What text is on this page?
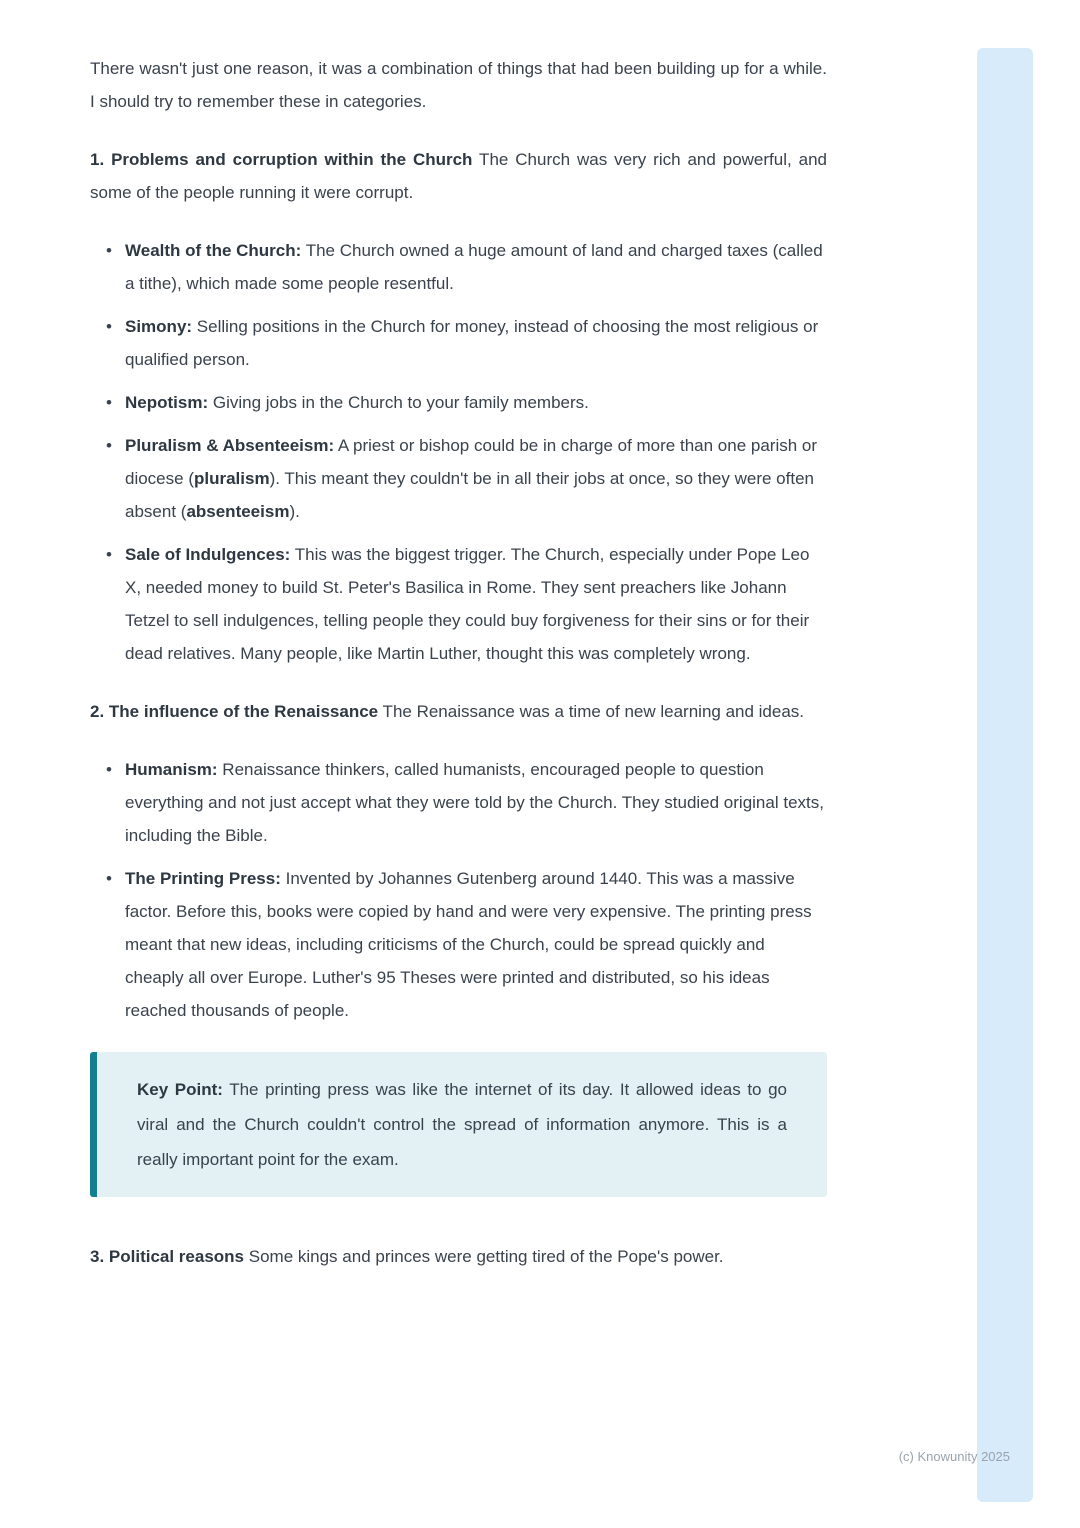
There wasn't just one reason, it was a combination of things that had been building up for a while. I should try to remember these in categories.
1. Problems and corruption within the Church The Church was very rich and powerful, and some of the people running it were corrupt.
• Wealth of the Church: The Church owned a huge amount of land and charged taxes (called a tithe), which made some people resentful.
• Simony: Selling positions in the Church for money, instead of choosing the most religious or qualified person.
• Nepotism: Giving jobs in the Church to your family members.
• Pluralism & Absenteeism: A priest or bishop could be in charge of more than one parish or diocese (pluralism). This meant they couldn't be in all their jobs at once, so they were often absent (absenteeism).
• Sale of Indulgences: This was the biggest trigger. The Church, especially under Pope Leo X, needed money to build St. Peter's Basilica in Rome. They sent preachers like Johann Tetzel to sell indulgences, telling people they could buy forgiveness for their sins or for their dead relatives. Many people, like Martin Luther, thought this was completely wrong.
2. The influence of the Renaissance The Renaissance was a time of new learning and ideas.
• Humanism: Renaissance thinkers, called humanists, encouraged people to question everything and not just accept what they were told by the Church. They studied original texts, including the Bible.
• The Printing Press: Invented by Johannes Gutenberg around 1440. This was a massive factor. Before this, books were copied by hand and were very expensive. The printing press meant that new ideas, including criticisms of the Church, could be spread quickly and cheaply all over Europe. Luther's 95 Theses were printed and distributed, so his ideas reached thousands of people.
Key Point: The printing press was like the internet of its day. It allowed ideas to go viral and the Church couldn't control the spread of information anymore. This is a really important point for the exam.
3. Political reasons Some kings and princes were getting tired of the Pope's power.
(c) Knowunity 2025
